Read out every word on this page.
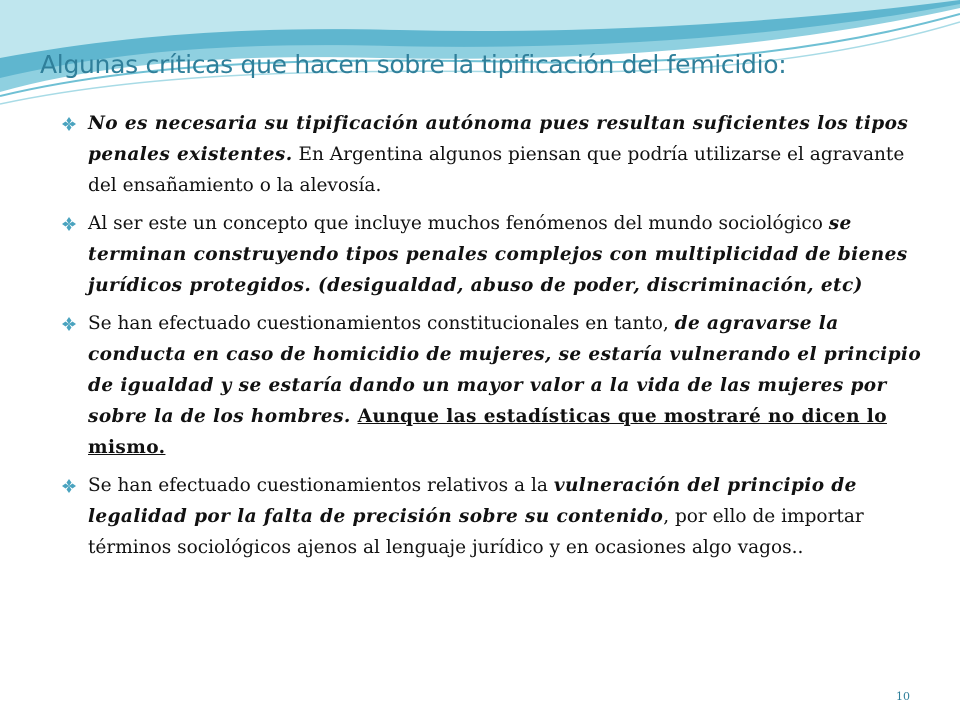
Algunas críticas que hacen sobre la tipificación del femicidio:
No es necesaria su tipificación autónoma pues resultan suficientes los tipos penales existentes. En Argentina algunos piensan que podría utilizarse el agravante del ensañamiento o la alevosía.
Al ser este un concepto que incluye muchos fenómenos del mundo sociológico se terminan construyendo tipos penales complejos con multiplicidad de bienes jurídicos protegidos. (desigualdad, abuso de poder, discriminación, etc)
Se han efectuado cuestionamientos constitucionales en tanto, de agravarse la conducta en caso de homicidio de mujeres, se estaría vulnerando el principio de igualdad y se estaría dando un mayor valor a la vida de las mujeres por sobre la de los hombres. Aunque las estadísticas que mostraré no dicen lo mismo.
Se han efectuado cuestionamientos relativos a la vulneración del principio de legalidad por la falta de precisión sobre su contenido, por ello de importar términos sociológicos ajenos al lenguaje jurídico y en ocasiones algo vagos..
10
